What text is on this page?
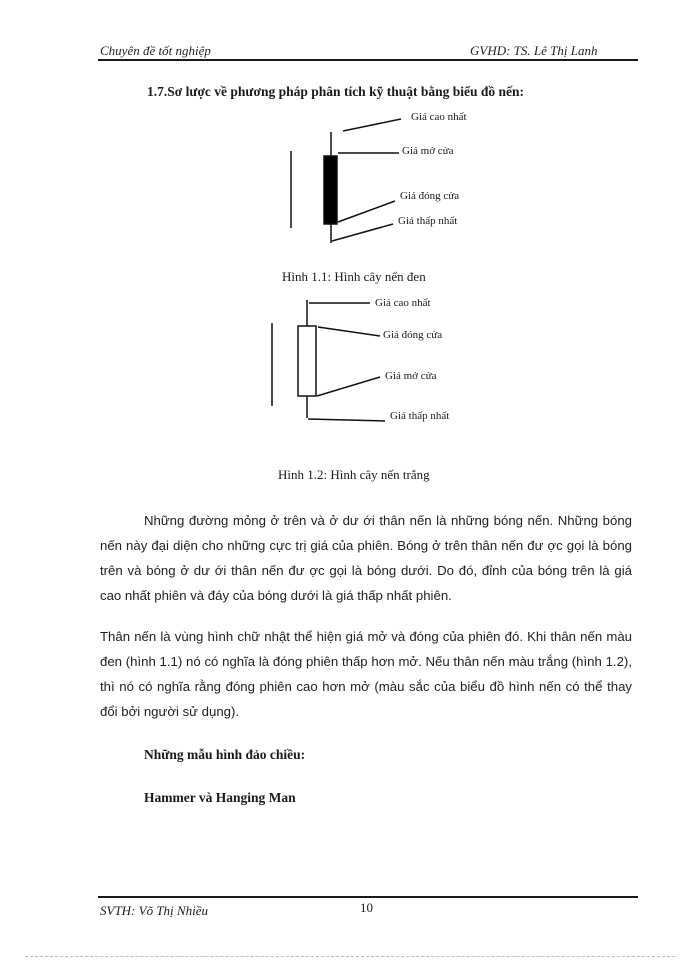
Chuyên đề tốt nghiệp	GVHD: TS. Lê Thị Lanh
1.7.Sơ lược về phương pháp phân tích kỹ thuật bằng biểu đồ nến:
Giá cao nhất
Giá mở cửa
Giá đóng cửa
Giá thấp nhất
Hình 1.1: Hình cây nến đen
Giá cao nhất
Giá đóng cửa
Giá mở cửa
Giá thấp nhất
Hình 1.2: Hình cây nến trắng
Những đường mỏng ở trên và ở dư ới thân nến là những bóng nến. Những bóng nến này đại diện cho những cực trị giá của phiên. Bóng ở trên thân nến đư ợc gọi là bóng trên và bóng ở dư ới thân nến đư ợc gọi là bóng dưới. Do đó, đỉnh của bóng trên là giá cao nhất phiên và đáy của bóng dưới là giá thấp nhất phiên.
Thân nến là vùng hình chữ nhật thể hiện giá mở và đóng của phiên đó. Khi thân nến màu đen (hình 1.1) nó có nghĩa là đóng phiên thấp hơn mở. Nếu thân nến màu trắng (hình 1.2), thì nó có nghĩa rằng đóng phiên cao hơn mở (màu sắc của biểu đồ hình nến có thể thay đổi bởi người sử dụng).
Những mẫu hình đảo chiều:
Hammer và Hanging Man
SVTH: Võ Thị Nhiều	10
